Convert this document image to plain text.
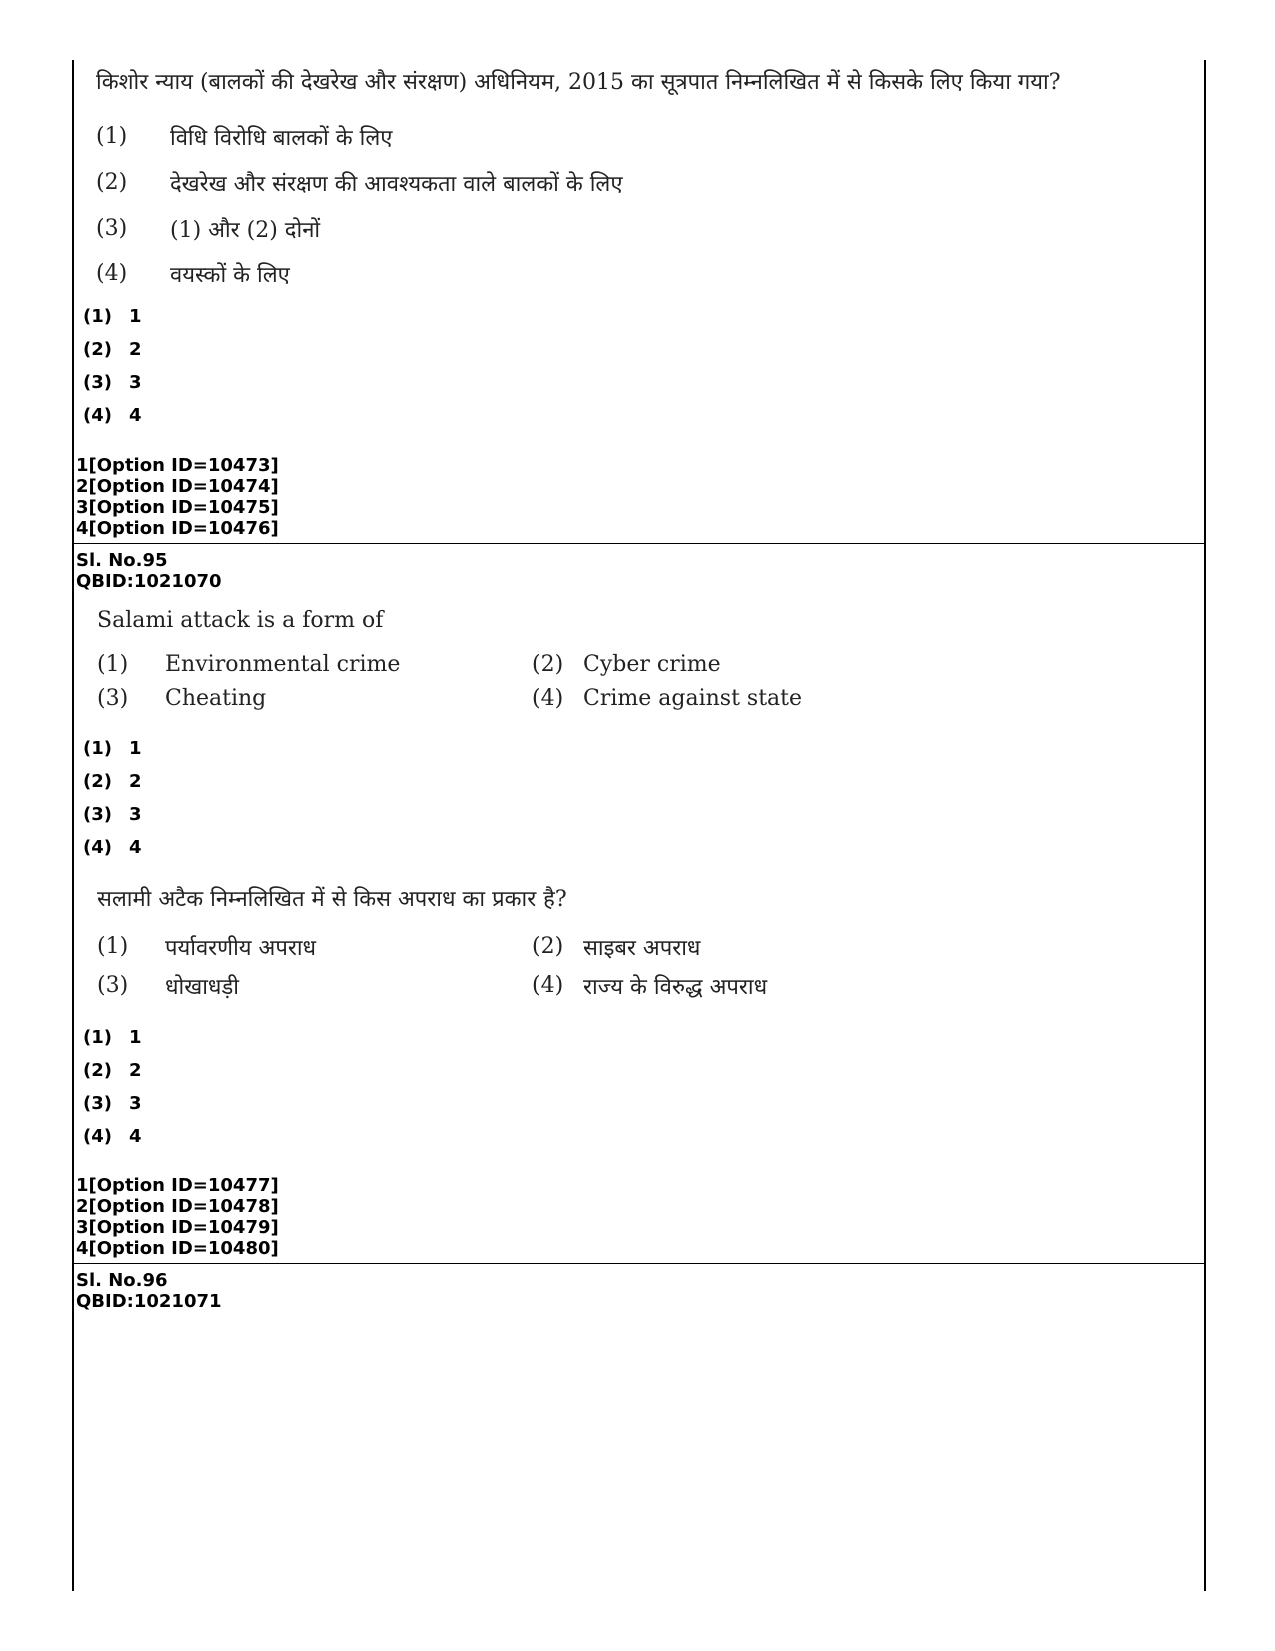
किशोर न्याय (बालकों की देखरेख और संरक्षण) अधिनियम, 2015 का सूत्रपात निम्नलिखित में से किसके लिए किया गया?
(1) विधि विरोधि बालकों के लिए
(2) देखरेख और संरक्षण की आवश्यकता वाले बालकों के लिए
(3) (1) और (2) दोनों
(4) वयस्कों के लिए
(1) 1
(2) 2
(3) 3
(4) 4
1[Option ID=10473]
2[Option ID=10474]
3[Option ID=10475]
4[Option ID=10476]
Sl. No.95
QBID:1021070
Salami attack is a form of
(1) Environmental crime	(2) Cyber crime
(3) Cheating	(4) Crime against state
(1) 1
(2) 2
(3) 3
(4) 4
सलामी अटैक निम्नलिखित में से किस अपराध का प्रकार है?
(1) पर्यावरणीय अपराध	(2) साइबर अपराध
(3) धोखाधड़ी	(4) राज्य के विरुद्ध अपराध
(1) 1
(2) 2
(3) 3
(4) 4
1[Option ID=10477]
2[Option ID=10478]
3[Option ID=10479]
4[Option ID=10480]
Sl. No.96
QBID:1021071
